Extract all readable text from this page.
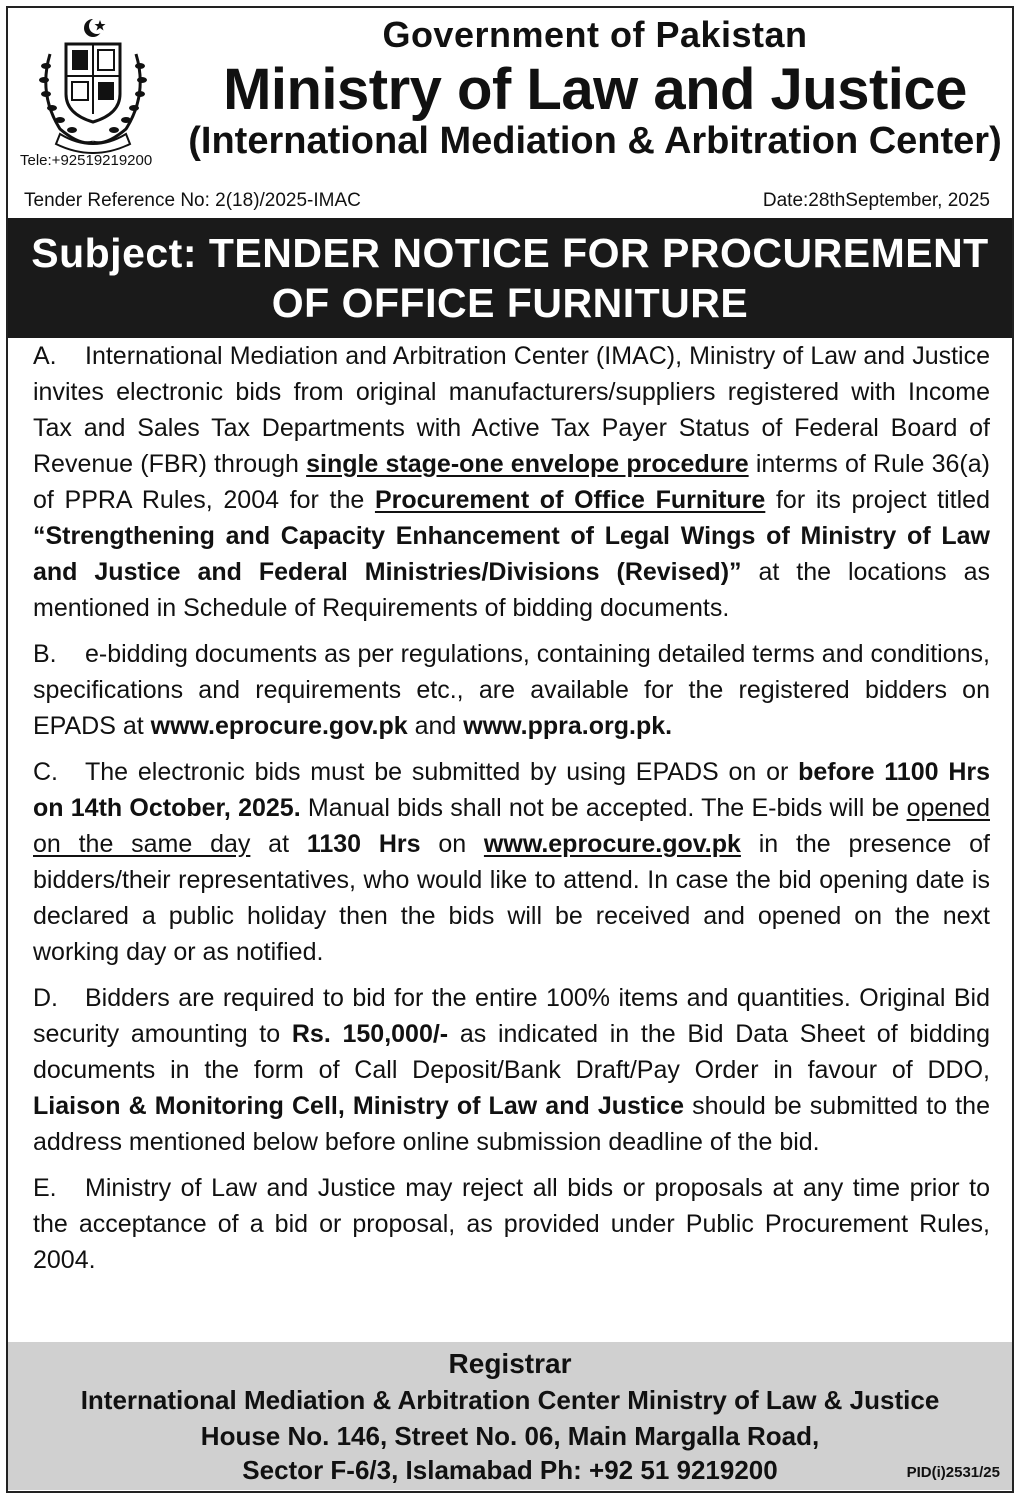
Tele:+92519219200
Government of Pakistan
Ministry of Law and Justice
(International Mediation & Arbitration Center)
Tender Reference No: 2(18)/2025-IMAC	Date:28thSeptember, 2025
Subject: TENDER NOTICE FOR PROCUREMENT
OF OFFICE FURNITURE

A. International Mediation and Arbitration Center (IMAC), Ministry of Law and Justice invites electronic bids from original manufacturers/suppliers registered with Income Tax and Sales Tax Departments with Active Tax Payer Status of Federal Board of Revenue (FBR) through single stage-one envelope procedure interms of Rule 36(a) of PPRA Rules, 2004 for the Procurement of Office Furniture for its project titled “Strengthening and Capacity Enhancement of Legal Wings of Ministry of Law and Justice and Federal Ministries/Divisions (Revised)” at the locations as mentioned in Schedule of Requirements of bidding documents.

B. e-bidding documents as per regulations, containing detailed terms and conditions, specifications and requirements etc., are available for the registered bidders on EPADS at www.eprocure.gov.pk and www.ppra.org.pk.

C. The electronic bids must be submitted by using EPADS on or before 1100 Hrs on 14th October, 2025. Manual bids shall not be accepted. The E-bids will be opened on the same day at 1130 Hrs on www.eprocure.gov.pk in the presence of bidders/their representatives, who would like to attend. In case the bid opening date is declared a public holiday then the bids will be received and opened on the next working day or as notified.

D. Bidders are required to bid for the entire 100% items and quantities. Original Bid security amounting to Rs. 150,000/- as indicated in the Bid Data Sheet of bidding documents in the form of Call Deposit/Bank Draft/Pay Order in favour of DDO, Liaison & Monitoring Cell, Ministry of Law and Justice should be submitted to the address mentioned below before online submission deadline of the bid.

E. Ministry of Law and Justice may reject all bids or proposals at any time prior to the acceptance of a bid or proposal, as provided under Public Procurement Rules, 2004.

Registrar
International Mediation & Arbitration Center Ministry of Law & Justice
House No. 146, Street No. 06, Main Margalla Road,
Sector F-6/3, Islamabad Ph: +92 51 9219200	PID(i)2531/25
